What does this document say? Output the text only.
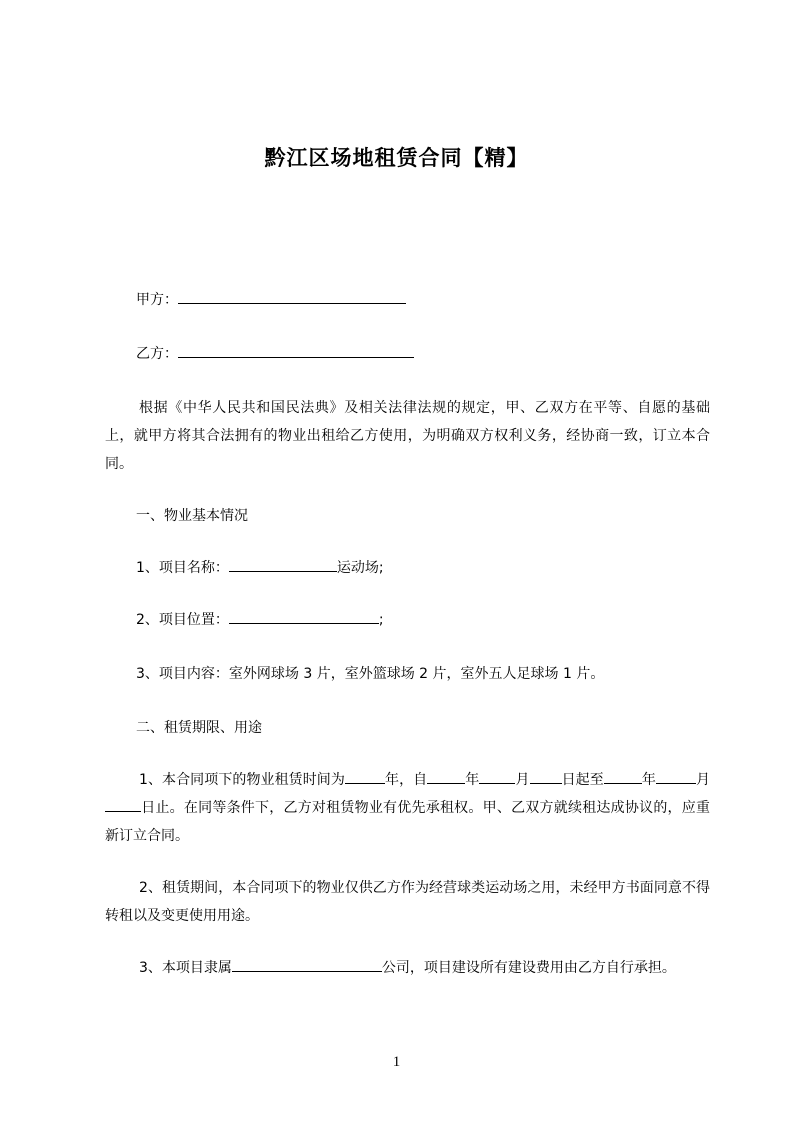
黔江区场地租赁合同【精】
甲方：
乙方：
根据《中华人民共和国民法典》及相关法律法规的规定，甲、乙双方在平等、自愿的基础上，就甲方将其合法拥有的物业出租给乙方使用，为明确双方权利义务，经协商一致，订立本合同。
一、物业基本情况
1、项目名称：	运动场;
2、项目位置：	;
3、项目内容：室外网球场 3 片，室外篮球场 2 片，室外五人足球场 1 片。
二、租赁期限、用途
1、本合同项下的物业租赁时间为	年，自	年	月 日起至	年	月日止。在同等条件下，乙方对租赁物业有优先承租权。甲、乙双方就续租达成协议的，应重新订立合同。
2、租赁期间，本合同项下的物业仅供乙方作为经营球类运动场之用，未经甲方书面同意不得转租以及变更使用用途。
3、本项目隶属	公司，项目建设所有建设费用由乙方自行承担。
1
